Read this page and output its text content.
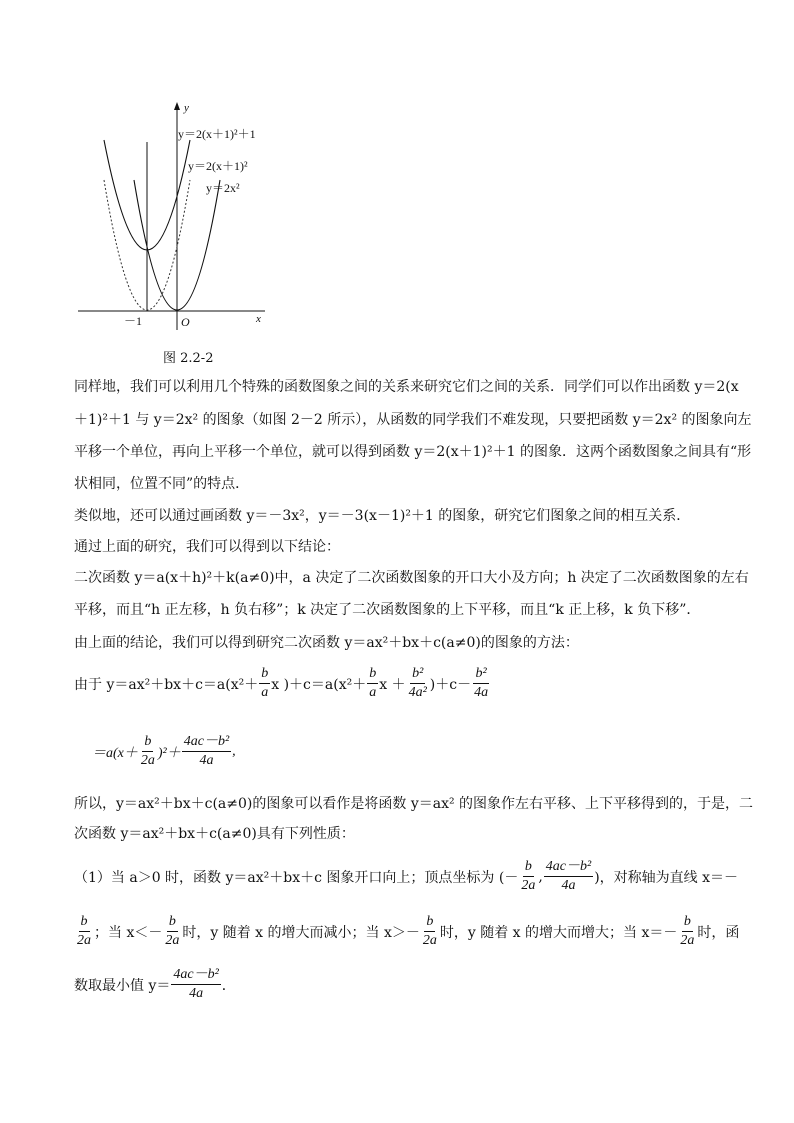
y
x
O
－1
y＝2(x＋1)²＋1
y＝2(x＋1)²
y＝2x²
图 2.2-2
同样地，我们可以利用几个特殊的函数图象之间的关系来研究它们之间的关系．同学们可以作出函数 y＝2(x
＋1)²＋1 与 y＝2x² 的图象（如图 2－2 所示），从函数的同学我们不难发现，只要把函数 y＝2x² 的图象向左
平移一个单位，再向上平移一个单位，就可以得到函数 y＝2(x＋1)²＋1 的图象．这两个函数图象之间具有“形
状相同，位置不同”的特点．
类似地，还可以通过画函数 y＝－3x²，y＝－3(x－1)²＋1 的图象，研究它们图象之间的相互关系．
通过上面的研究，我们可以得到以下结论：
二次函数 y＝a(x＋h)²＋k(a≠0)中，a 决定了二次函数图象的开口大小及方向；h 决定了二次函数图象的左右
平移，而且“h 正左移，h 负右移”；k 决定了二次函数图象的上下平移，而且“k 正上移，k 负下移”．
由上面的结论，我们可以得到研究二次函数 y＝ax²＋bx＋c(a≠0)的图象的方法：
由于 $y=ax^2+bx+c=a(x^2+ \frac{b}{a}$ x )$+c=a(x^2+ \frac{b}{a}$ $x + \frac{\text{b²}}{\text{4a²}} )+c- \frac{\text{b²}}{4a}$
$=a(x+ \frac{b}{2a} )^2+ \frac{\text{4ac－b²}}{4a}$ ,
所以，y＝ax²＋bx＋c(a≠0)的图象可以看作是将函数 y＝ax² 的图象作左右平移、上下平移得到的，于是，二
次函数 y＝ax²＋bx＋c(a≠0)具有下列性质：
（1）当 a＞0 时，函数 y＝ax²＋bx＋c 图象开口向上；顶点坐标为 (－ $\frac{b}{2a}$ , $\frac{\text{4ac－b²}}{4a}$ )，对称轴为直线 x＝－
$\frac{b}{2a}$ ；当 $x<- \frac{b}{2a}$ 时，y 随着 x 的增大而减小；当 $x>- \frac{b}{2a}$ 时，y 随着 x 的增大而增大；当 $x=- \frac{b}{2a}$ 时，函
数取最小值 $y= \frac{\text{4ac－b²}}{4a}$ ．
